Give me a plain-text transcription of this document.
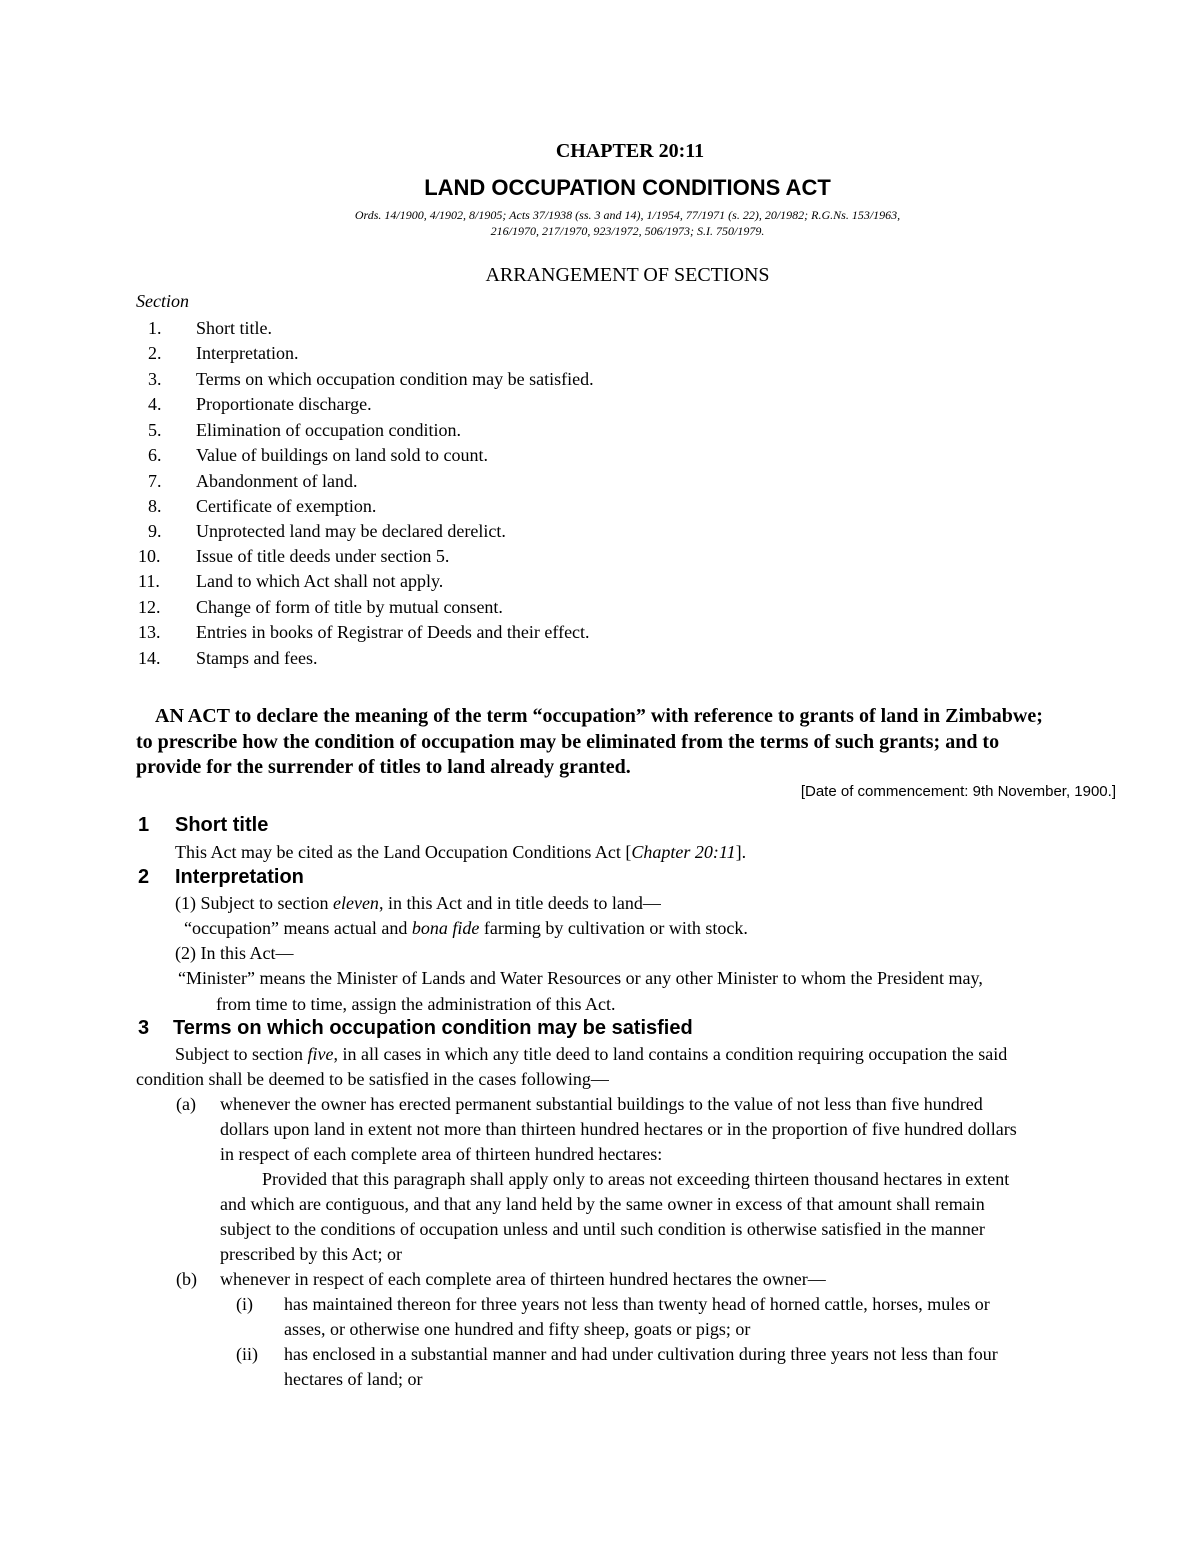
CHAPTER 20:11
LAND OCCUPATION CONDITIONS ACT
Ords. 14/1900, 4/1902, 8/1905; Acts 37/1938 (ss. 3 and 14), 1/1954, 77/1971 (s. 22), 20/1982; R.G.Ns. 153/1963,
216/1970, 217/1970, 923/1972, 506/1973; S.I. 750/1979.
ARRANGEMENT OF SECTIONS
Section
1. Short title.
2. Interpretation.
3. Terms on which occupation condition may be satisfied.
4. Proportionate discharge.
5. Elimination of occupation condition.
6. Value of buildings on land sold to count.
7. Abandonment of land.
8. Certificate of exemption.
9. Unprotected land may be declared derelict.
10. Issue of title deeds under section 5.
11. Land to which Act shall not apply.
12. Change of form of title by mutual consent.
13. Entries in books of Registrar of Deeds and their effect.
14. Stamps and fees.
AN ACT to declare the meaning of the term “occupation” with reference to grants of land in Zimbabwe;
to prescribe how the condition of occupation may be eliminated from the terms of such grants; and to
provide for the surrender of titles to land already granted.
[Date of commencement: 9th November, 1900.]
1 Short title
This Act may be cited as the Land Occupation Conditions Act [Chapter 20:11].
2 Interpretation
(1) Subject to section eleven, in this Act and in title deeds to land—
“occupation” means actual and bona fide farming by cultivation or with stock.
(2) In this Act—
“Minister” means the Minister of Lands and Water Resources or any other Minister to whom the President may,
from time to time, assign the administration of this Act.
3 Terms on which occupation condition may be satisfied
Subject to section five, in all cases in which any title deed to land contains a condition requiring occupation the said
condition shall be deemed to be satisfied in the cases following—
(a) whenever the owner has erected permanent substantial buildings to the value of not less than five hundred
dollars upon land in extent not more than thirteen hundred hectares or in the proportion of five hundred dollars
in respect of each complete area of thirteen hundred hectares:
Provided that this paragraph shall apply only to areas not exceeding thirteen thousand hectares in extent
and which are contiguous, and that any land held by the same owner in excess of that amount shall remain
subject to the conditions of occupation unless and until such condition is otherwise satisfied in the manner
prescribed by this Act; or
(b) whenever in respect of each complete area of thirteen hundred hectares the owner—
(i) has maintained thereon for three years not less than twenty head of horned cattle, horses, mules or
asses, or otherwise one hundred and fifty sheep, goats or pigs; or
(ii) has enclosed in a substantial manner and had under cultivation during three years not less than four
hectares of land; or
